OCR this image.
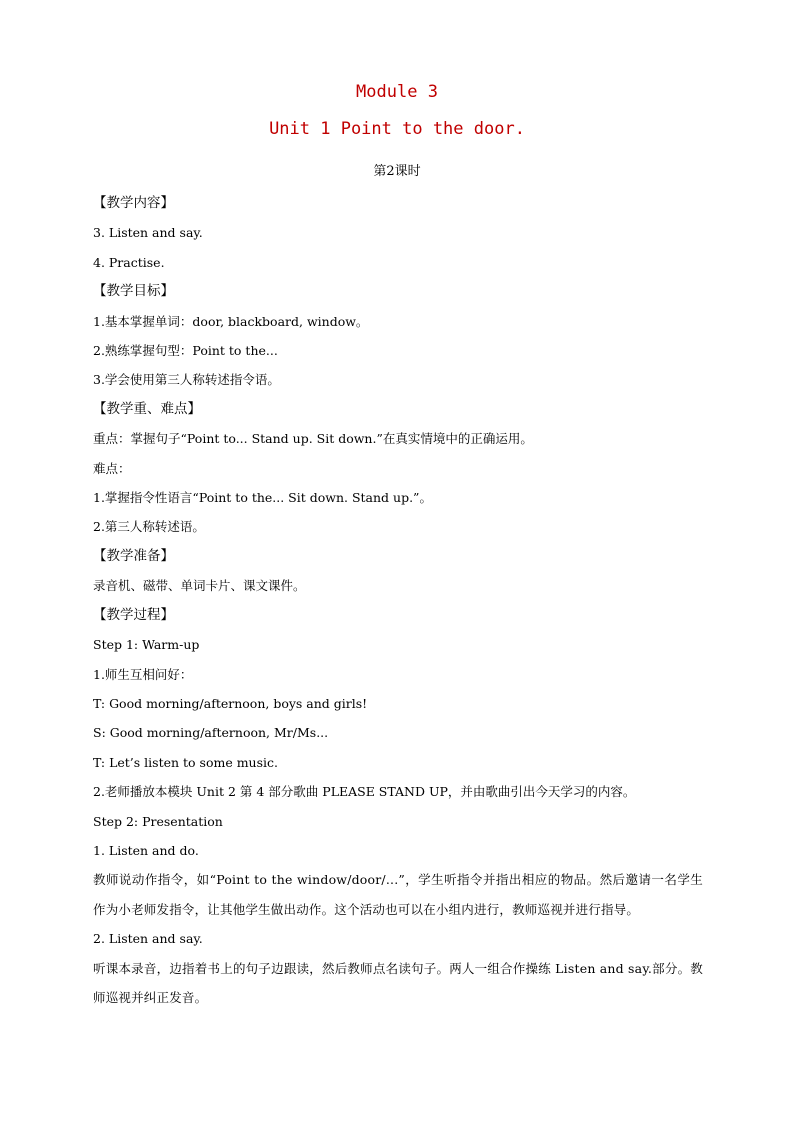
Module 3
Unit 1 Point to the door.
第2课时
【教学内容】
3. Listen and say.
4. Practise.
【教学目标】
1.基本掌握单词：door, blackboard, window。
2.熟练掌握句型：Point to the...
3.学会使用第三人称转述指令语。
【教学重、难点】
重点：掌握句子“Point to... Stand up. Sit down.”在真实情境中的正确运用。
难点：
1.掌握指令性语言“Point to the... Sit down. Stand up.”。
2.第三人称转述语。
【教学准备】
录音机、磁带、单词卡片、课文课件。
【教学过程】
Step 1: Warm-up
1.师生互相问好：
T: Good morning/afternoon, boys and girls!
S: Good morning/afternoon, Mr/Ms...
T: Let’s listen to some music.
2.老师播放本模块 Unit 2 第 4 部分歌曲 PLEASE STAND UP，并由歌曲引出今天学习的内容。
Step 2: Presentation
1. Listen and do.
教师说动作指令，如“Point to the window/door/...”，学生听指令并指出相应的物品。然后邀请一名学生作为小老师发指令，让其他学生做出动作。这个活动也可以在小组内进行，教师巡视并进行指导。
2. Listen and say.
听课本录音，边指着书上的句子边跟读，然后教师点名读句子。两人一组合作操练 Listen and say.部分。教师巡视并纠正发音。
